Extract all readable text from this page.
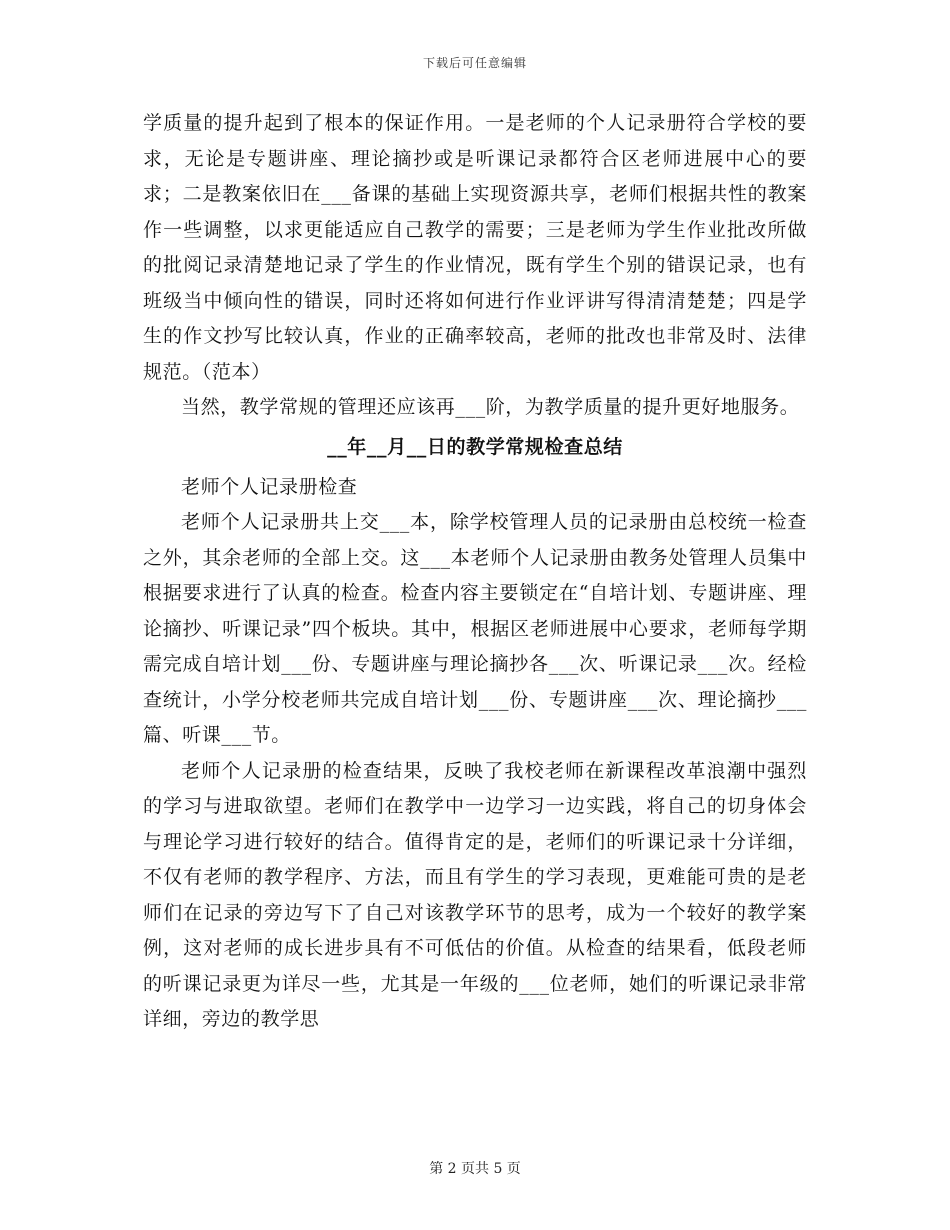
下载后可任意编辑

学质量的提升起到了根本的保证作用。一是老师的个人记录册符合学校的要求，无论是专题讲座、理论摘抄或是听课记录都符合区老师进展中心的要求；二是教案依旧在___备课的基础上实现资源共享，老师们根据共性的教案作一些调整，以求更能适应自己教学的需要；三是老师为学生作业批改所做的批阅记录清楚地记录了学生的作业情况，既有学生个别的错误记录，也有班级当中倾向性的错误，同时还将如何进行作业评讲写得清清楚楚；四是学生的作文抄写比较认真，作业的正确率较高，老师的批改也非常及时、法律规范。（范本）

当然，教学常规的管理还应该再___阶，为教学质量的提升更好地服务。

__年__月__日的教学常规检查总结

老师个人记录册检查

老师个人记录册共上交___本，除学校管理人员的记录册由总校统一检查之外，其余老师的全部上交。这___本老师个人记录册由教务处管理人员集中根据要求进行了认真的检查。检查内容主要锁定在“自培计划、专题讲座、理论摘抄、听课记录”四个板块。其中，根据区老师进展中心要求，老师每学期需完成自培计划___份、专题讲座与理论摘抄各___次、听课记录___次。经检查统计，小学分校老师共完成自培计划___份、专题讲座___次、理论摘抄___篇、听课___节。

老师个人记录册的检查结果，反映了我校老师在新课程改革浪潮中强烈的学习与进取欲望。老师们在教学中一边学习一边实践，将自己的切身体会与理论学习进行较好的结合。值得肯定的是，老师们的听课记录十分详细，不仅有老师的教学程序、方法，而且有学生的学习表现，更难能可贵的是老师们在记录的旁边写下了自己对该教学环节的思考，成为一个较好的教学案例，这对老师的成长进步具有不可低估的价值。从检查的结果看，低段老师的听课记录更为详尽一些，尤其是一年级的___位老师，她们的听课记录非常详细，旁边的教学思

第 2 页共 5 页
